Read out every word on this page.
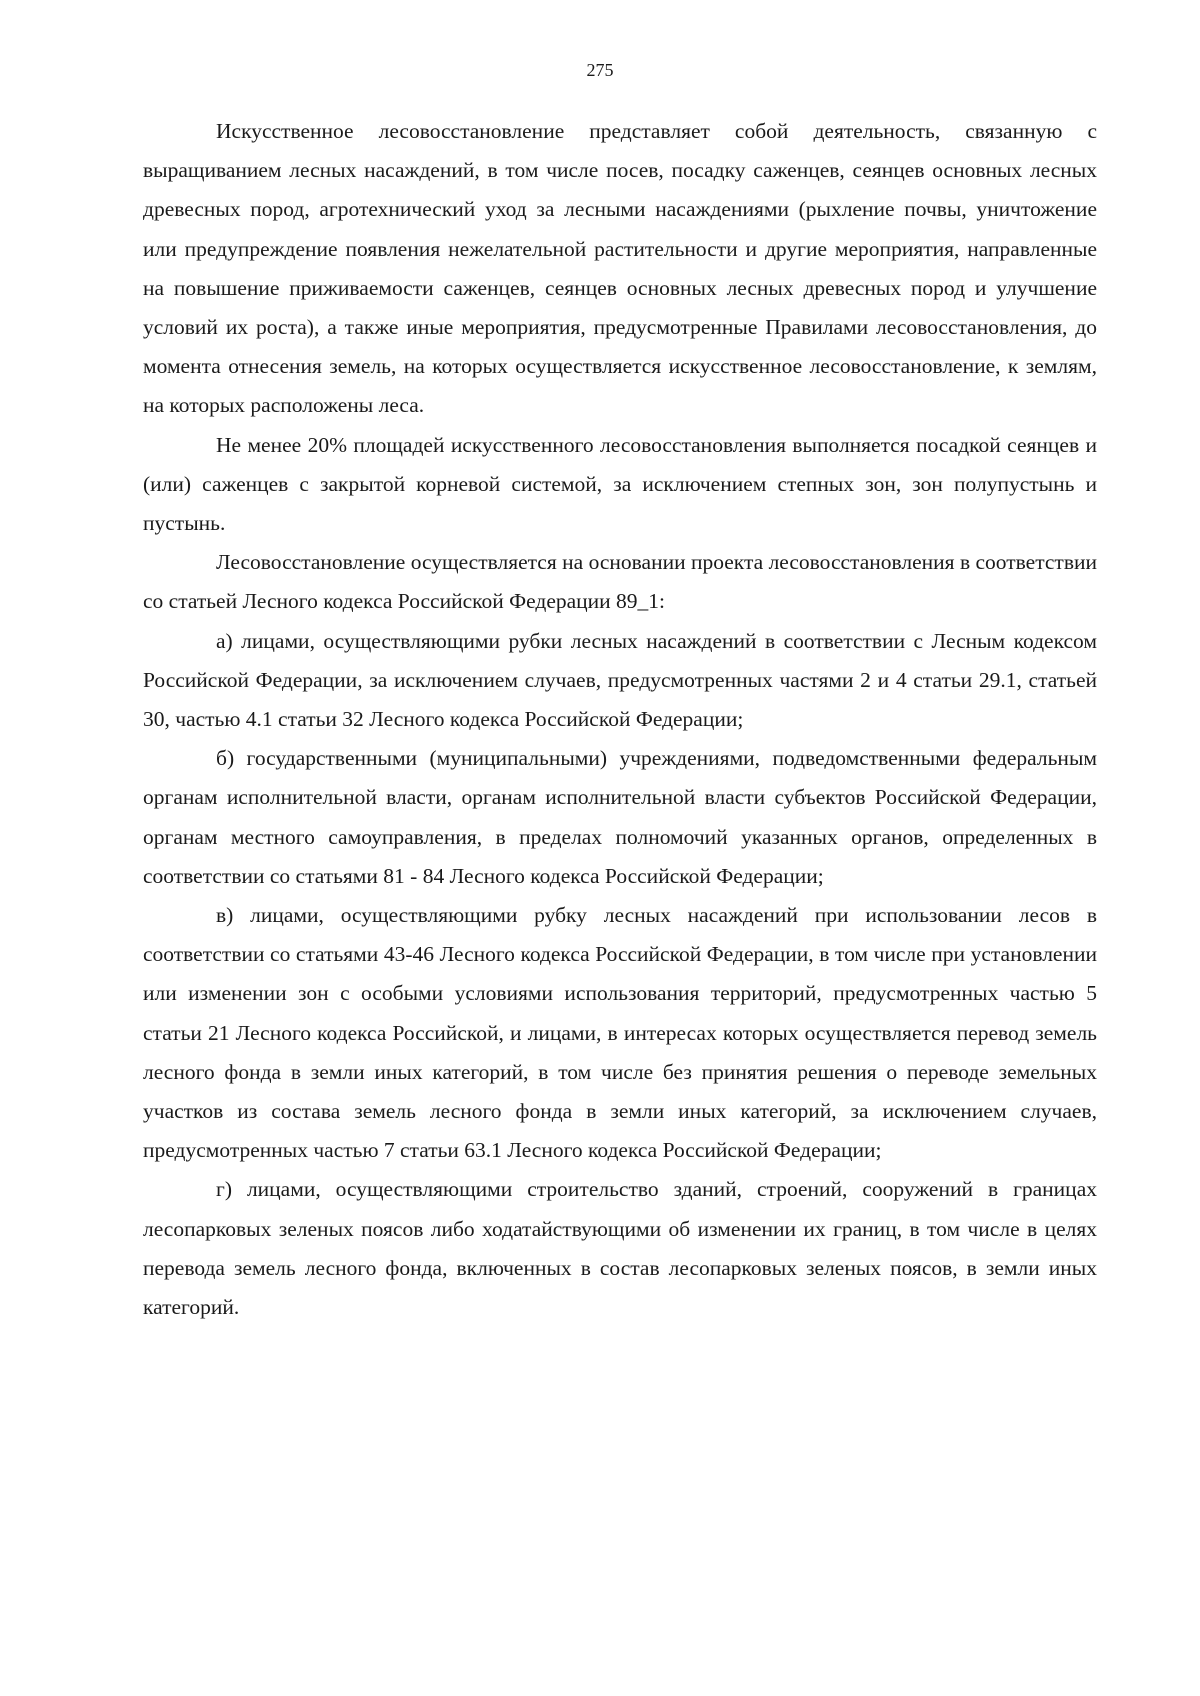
275

Искусственное лесовосстановление представляет собой деятельность, связанную с выращиванием лесных насаждений, в том числе посев, посадку саженцев, сеянцев основных лесных древесных пород, агротехнический уход за лесными насаждениями (рыхление почвы, уничтожение или предупреждение появления нежелательной растительности и другие мероприятия, направленные на повышение приживаемости саженцев, сеянцев основных лесных древесных пород и улучшение условий их роста), а также иные мероприятия, предусмотренные Правилами лесовосстановления, до момента отнесения земель, на которых осуществляется искусственное лесовосстановление, к землям, на которых расположены леса.

Не менее 20% площадей искусственного лесовосстановления выполняется посадкой сеянцев и (или) саженцев с закрытой корневой системой, за исключением степных зон, зон полупустынь и пустынь.

Лесовосстановление осуществляется на основании проекта лесовосстановления в соответствии со статьей Лесного кодекса Российской Федерации 89_1:

а) лицами, осуществляющими рубки лесных насаждений в соответствии с Лесным кодексом Российской Федерации, за исключением случаев, предусмотренных частями 2 и 4 статьи 29.1, статьей 30, частью 4.1 статьи 32 Лесного кодекса Российской Федерации;

б) государственными (муниципальными) учреждениями, подведомственными федеральным органам исполнительной власти, органам исполнительной власти субъектов Российской Федерации, органам местного самоуправления, в пределах полномочий указанных органов, определенных в соответствии со статьями 81 - 84 Лесного кодекса Российской Федерации;

в) лицами, осуществляющими рубку лесных насаждений при использовании лесов в соответствии со статьями 43-46 Лесного кодекса Российской Федерации, в том числе при установлении или изменении зон с особыми условиями использования территорий, предусмотренных частью 5 статьи 21 Лесного кодекса Российской, и лицами, в интересах которых осуществляется перевод земель лесного фонда в земли иных категорий, в том числе без принятия решения о переводе земельных участков из состава земель лесного фонда в земли иных категорий, за исключением случаев, предусмотренных частью 7 статьи 63.1 Лесного кодекса Российской Федерации;

г) лицами, осуществляющими строительство зданий, строений, сооружений в границах лесопарковых зеленых поясов либо ходатайствующими об изменении их границ, в том числе в целях перевода земель лесного фонда, включенных в состав лесопарковых зеленых поясов, в земли иных категорий.
